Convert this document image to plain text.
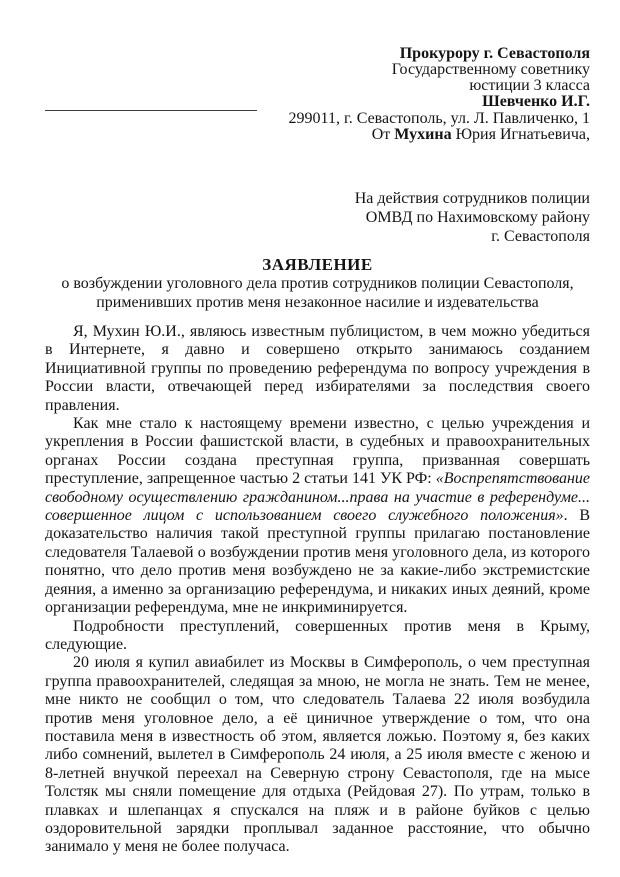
Прокурору г. Севастополя
Государственному советнику
юстиции 3 класса
Шевченко И.Г.
299011, г. Севастополь, ул. Л. Павличенко, 1
От Мухина Юрия Игнатьевича,
На действия сотрудников полиции
ОМВД по Нахимовскому району
г. Севастополя
ЗАЯВЛЕНИЕ
о возбуждении уголовного дела против сотрудников полиции Севастополя,
применивших против меня незаконное насилие и издевательства

Я, Мухин Ю.И., являюсь известным публицистом, в чем можно убедиться в Интернете, я давно и совершено открыто занимаюсь созданием Инициативной группы по проведению референдума по вопросу учреждения в России власти, отвечающей перед избирателями за последствия своего правления.

Как мне стало к настоящему времени известно, с целью учреждения и укрепления в России фашистской власти, в судебных и правоохранительных органах России создана преступная группа, призванная совершать преступление, запрещенное частью 2 статьи 141 УК РФ: «Воспрепятствование свободному осуществлению гражданином...права на участие в референдуме... совершенное лицом с использованием своего служебного положения». В доказательство наличия такой преступной группы прилагаю постановление следователя Талаевой о возбуждении против меня уголовного дела, из которого понятно, что дело против меня возбуждено не за какие-либо экстремистские деяния, а именно за организацию референдума, и никаких иных деяний, кроме организации референдума, мне не инкриминируется.

Подробности преступлений, совершенных против меня в Крыму, следующие.

20 июля я купил авиабилет из Москвы в Симферополь, о чем преступная группа правоохранителей, следящая за мною, не могла не знать. Тем не менее, мне никто не сообщил о том, что следователь Талаева 22 июля возбудила против меня уголовное дело, а её циничное утверждение о том, что она поставила меня в известность об этом, является ложью. Поэтому я, без каких либо сомнений, вылетел в Симферополь 24 июля, а 25 июля вместе с женою и 8-летней внучкой переехал на Северную строну Севастополя, где на мысе Толстяк мы сняли помещение для отдыха (Рейдовая 27). По утрам, только в плавках и шлепанцах я спускался на пляж и в районе буйков с целью оздоровительной зарядки проплывал заданное расстояние, что обычно занимало у меня не более получаса.
